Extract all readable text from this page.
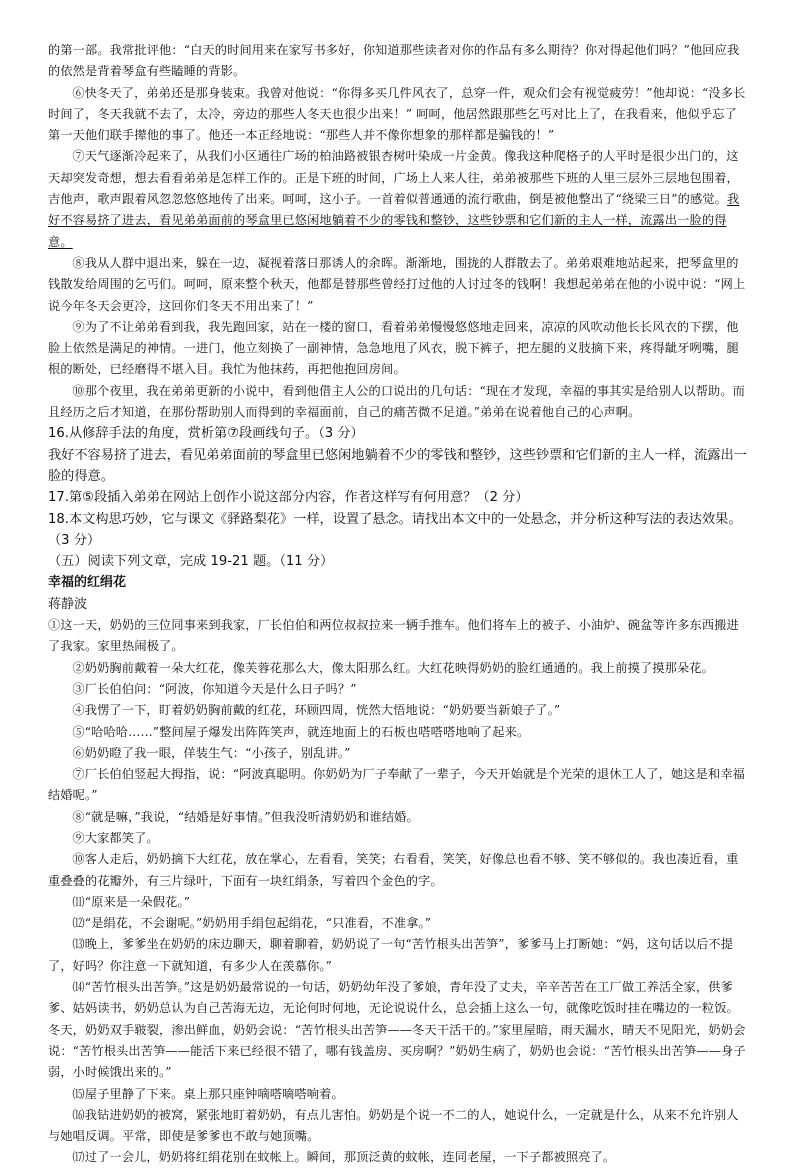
的第一部。我常批评他：“白天的时间用来在家写书多好，你知道那些读者对你的作品有多么期待？你对得起他们吗？”他回应我的依然是背着琴盒有些瞌睡的背影。

⑥快冬天了，弟弟还是那身装束。我曾对他说：“你得多买几件风衣了，总穿一件，观众们会有视觉疲劳！”他却说：“没多长时间了，冬天我就不去了，太冷，旁边的那些人冬天也很少出来！” 呵呵，他居然跟那些乞丐对比上了，在我看来，他似乎忘了第一天他们联手撵他的事了。他还一本正经地说：“那些人并不像你想象的那样都是骗钱的！”

⑦天气逐渐冷起来了，从我们小区通往广场的柏油路被银杏树叶染成一片金黄。像我这种爬格子的人平时是很少出门的，这天却突发奇想，想去看看弟弟是怎样工作的。正是下班的时间，广场上人来人往，弟弟被那些下班的人里三层外三层地包围着，吉他声，歌声跟着风忽忽悠悠地传了出来。呵呵，这小子。一首着似普通通的流行歌曲，倒是被他整出了“绕梁三日”的感觉。我好不容易挤了进去，看见弟弟面前的琴盒里已悠闲地躺着不少的零钱和整钞，这些钞票和它们新的主人一样，流露出一脸的得意。

⑧我从人群中退出来，躲在一边，凝视着落日那诱人的余晖。渐渐地，围拢的人群散去了。弟弟艰难地站起来，把琴盒里的钱散发给周围的乞丐们。呵呵，原来整个秋天，他都是替那些曾经打过他的人讨过冬的钱啊！我想起弟弟在他的小说中说：“网上说今年冬天会更冷，这回你们冬天不用出来了！”

⑨为了不让弟弟看到我，我先跑回家，站在一楼的窗口，看着弟弟慢慢悠悠地走回来，凉凉的风吹动他长长风衣的下摆，他脸上依然是满足的神情。一进门，他立刻换了一副神情，急急地甩了风衣，脱下裤子，把左腿的义肢摘下来，疼得龇牙咧嘴，腿根的断处，已经磨得不堪入目。我忙为他抹药，再把他抱回房间。

⑩那个夜里，我在弟弟更新的小说中，看到他借主人公的口说出的几句话：“现在才发现，幸福的事其实是给别人以帮助。而且经历之后才知道，在那份帮助别人而得到的幸福面前，自己的痛苦微不足道。”弟弟在说着他自己的心声啊。

16.从修辞手法的角度，赏析第⑦段画线句子。（3 分）

我好不容易挤了进去，看见弟弟面前的琴盒里已悠闲地躺着不少的零钱和整钞，这些钞票和它们新的主人一样，流露出一脸的得意。

17.第⑤段插入弟弟在网站上创作小说这部分内容，作者这样写有何用意？（2 分）

18.本文构思巧妙，它与课文《驿路梨花》一样，设置了悬念。请找出本文中的一处悬念，并分析这种写法的表达效果。（3 分）

（五）阅读下列文章，完成 19-21 题。（11 分）

幸福的红绢花

蒋静波

①这一天，奶奶的三位同事来到我家，厂长伯伯和两位叔叔拉来一辆手推车。他们将车上的被子、小油炉、碗盆等许多东西搬进了我家。家里热闹极了。

②奶奶胸前戴着一朵大红花，像芙蓉花那么大，像太阳那么红。大红花映得奶奶的脸红通通的。我上前摸了摸那朵花。

③厂长伯伯问：“阿波，你知道今天是什么日子吗？”

④我愣了一下，盯着奶奶胸前戴的红花，环顾四周，恍然大悟地说：“奶奶要当新娘子了。”

⑤“哈哈哈……”整间屋子爆发出阵阵笑声，就连地面上的石板也嗒嗒嗒地响了起来。

⑥奶奶瞪了我一眼，佯装生气：“小孩子，别乱讲。”

⑦厂长伯伯竖起大拇指，说：“阿波真聪明。你奶奶为厂子奉献了一辈子，今天开始就是个光荣的退休工人了，她这是和幸福结婚呢。”

⑧“就是嘛，”我说，“结婚是好事情。”但我没听清奶奶和谁结婚。

⑨大家都笑了。

⑩客人走后，奶奶摘下大红花，放在掌心，左看看，笑笑；右看看，笑笑，好像总也看不够、笑不够似的。我也凑近看，重重叠叠的花瓣外，有三片绿叶，下面有一块红绢条，写着四个金色的字。

⑾“原来是一朵假花。”

⑿“是绢花，不会谢呢。”奶奶用手绢包起绢花，“只准看，不准拿。”

⒀晚上，爹爹坐在奶奶的床边聊天，聊着聊着，奶奶说了一句“苦竹根头出苦笋”，爹爹马上打断她：“妈，这句话以后不提了，好吗？你注意一下就知道，有多少人在羡慕你。”

⒁“苦竹根头出苦笋。”这是奶奶最常说的一句话，奶奶幼年没了爹娘，青年没了丈夫，辛辛苦苦在工厂做工养活全家，供爹爹、姑妈读书，奶奶总认为自己苦海无边，无论何时何地，无论说说什么，总会插上这么一句，就像吃饭时挂在嘴边的一粒饭。冬天，奶奶双手皲裂，渗出鲜血，奶奶会说：“苦竹根头出苦笋——冬天干活干的。”家里屋暗，雨天漏水，晴天不见阳光，奶奶会说：“苦竹根头出苦笋——能活下来已经很不错了，哪有钱盖房、买房啊？”奶奶生病了，奶奶也会说：“苦竹根头出苦笋——身子弱，小时候饿出来的。”

⒂屋子里静了下来。桌上那只座钟嘀嗒嘀嗒响着。

⒃我钻进奶奶的被窝，紧张地盯着奶奶，有点儿害怕。奶奶是个说一不二的人，她说什么，一定就是什么，从来不允许别人与她唱反调。平常，即使是爹爹也不敢与她顶嘴。

⒄过了一会儿，奶奶将红绢花别在蚊帐上。瞬间，那顶泛黄的蚊帐，连同老屋，一下子都被照亮了。
